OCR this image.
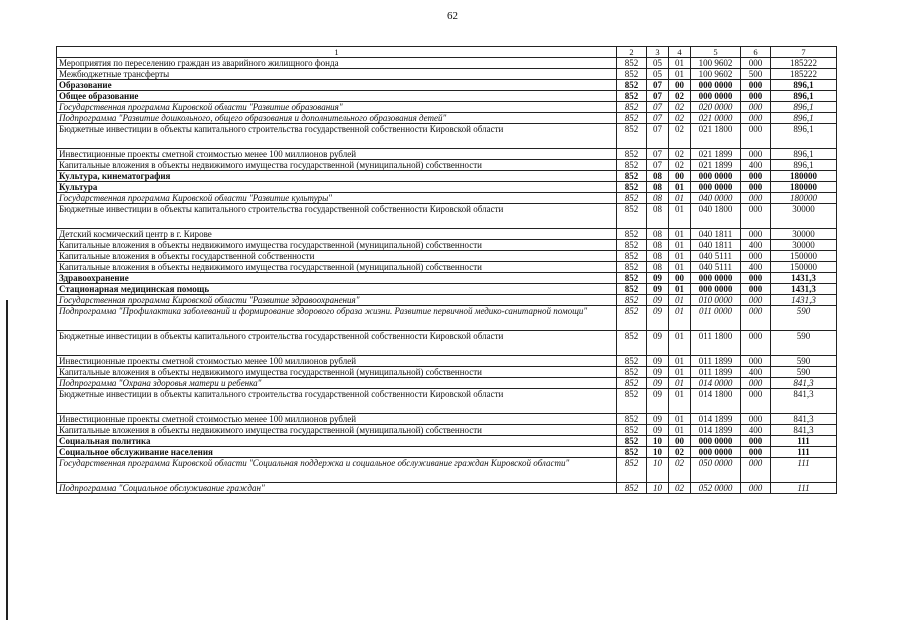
62
1	2	3	4	5	6	7
Мероприятия по переселению граждан из аварийного жилищного фонда	852	05	01	100 9602	000	185222
Межбюджетные трансферты	852	05	01	100 9602	500	185222
Образование	852	07	00	000 0000	000	896,1
Общее образование	852	07	02	000 0000	000	896,1
Государственная программа Кировской области "Развитие образования"	852	07	02	020 0000	000	896,1
Подпрограмма "Развитие дошкольного, общего образования и дополнительного образования детей"	852	07	02	021 0000	000	896,1
Бюджетные инвестиции в объекты капитального строительства государственной собственности Кировской области	852	07	02	021 1800	000	896,1
Инвестиционные проекты сметной стоимостью менее 100 миллионов рублей	852	07	02	021 1899	000	896,1
Капитальные вложения в объекты недвижимого имущества государственной (муниципальной) собственности	852	07	02	021 1899	400	896,1
Культура, кинематография	852	08	00	000 0000	000	180000
Культура	852	08	01	000 0000	000	180000
Государственная программа Кировской области "Развитие культуры"	852	08	01	040 0000	000	180000
Бюджетные инвестиции в объекты капитального строительства государственной собственности Кировской области	852	08	01	040 1800	000	30000
Детский космический центр в г. Кирове	852	08	01	040 1811	000	30000
Капитальные вложения в объекты недвижимого имущества государственной (муниципальной) собственности	852	08	01	040 1811	400	30000
Капитальные вложения в объекты государственной собственности	852	08	01	040 5111	000	150000
Капитальные вложения в объекты недвижимого имущества государственной (муниципальной) собственности	852	08	01	040 5111	400	150000
Здравоохранение	852	09	00	000 0000	000	1431,3
Стационарная медицинская помощь	852	09	01	000 0000	000	1431,3
Государственная программа Кировской области "Развитие здравоохранения"	852	09	01	010 0000	000	1431,3
Подпрограмма "Профилактика заболеваний и формирование здорового образа жизни. Развитие первичной медико-санитарной помощи"	852	09	01	011 0000	000	590
Бюджетные инвестиции в объекты капитального строительства государственной собственности Кировской области	852	09	01	011 1800	000	590
Инвестиционные проекты сметной стоимостью менее 100 миллионов рублей	852	09	01	011 1899	000	590
Капитальные вложения в объекты недвижимого имущества государственной (муниципальной) собственности	852	09	01	011 1899	400	590
Подпрограмма "Охрана здоровья матери и ребенка"	852	09	01	014 0000	000	841,3
Бюджетные инвестиции в объекты капитального строительства государственной собственности Кировской области	852	09	01	014 1800	000	841,3
Инвестиционные проекты сметной стоимостью менее 100 миллионов рублей	852	09	01	014 1899	000	841,3
Капитальные вложения в объекты недвижимого имущества государственной (муниципальной) собственности	852	09	01	014 1899	400	841,3
Социальная политика	852	10	00	000 0000	000	111
Социальное обслуживание населения	852	10	02	000 0000	000	111
Государственная программа Кировской области "Социальная поддержка и социальное обслуживание граждан Кировской области"	852	10	02	050 0000	000	111
Подпрограмма "Социальное обслуживание граждан"	852	10	02	052 0000	000	111
